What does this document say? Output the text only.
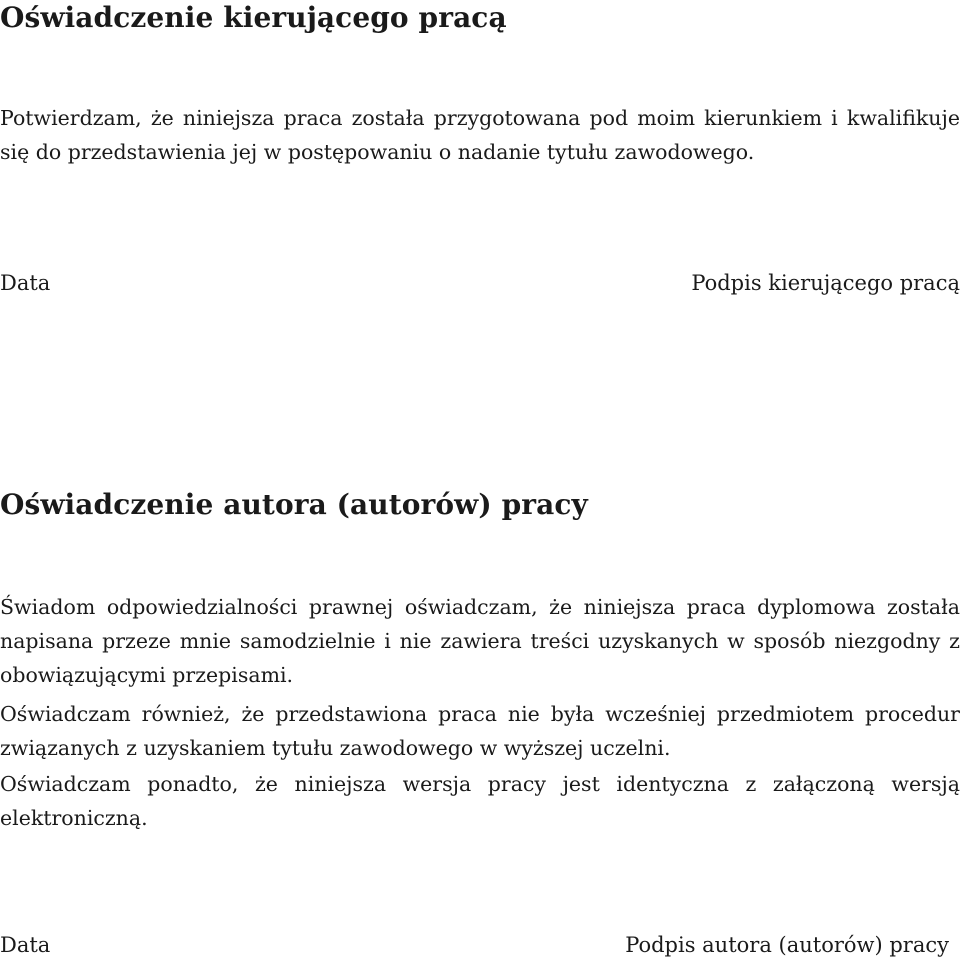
Oświadczenie kierującego pracą

Potwierdzam, że niniejsza praca została przygotowana pod moim kierunkiem i kwalifikuje się do przedstawienia jej w postępowaniu o nadanie tytułu zawodowego.

Data	Podpis kierującego pracą
Oświadczenie autora (autorów) pracy

Świadom odpowiedzialności prawnej oświadczam, że niniejsza praca dyplomowa została napisana przeze mnie samodzielnie i nie zawiera treści uzyskanych w sposób niezgodny z obowiązującymi przepisami.

Oświadczam również, że przedstawiona praca nie była wcześniej przedmiotem procedur związanych z uzyskaniem tytułu zawodowego w wyższej uczelni.

Oświadczam ponadto, że niniejsza wersja pracy jest identyczna z załączoną wersją elektroniczną.

Data	Podpis autora (autorów) pracy
